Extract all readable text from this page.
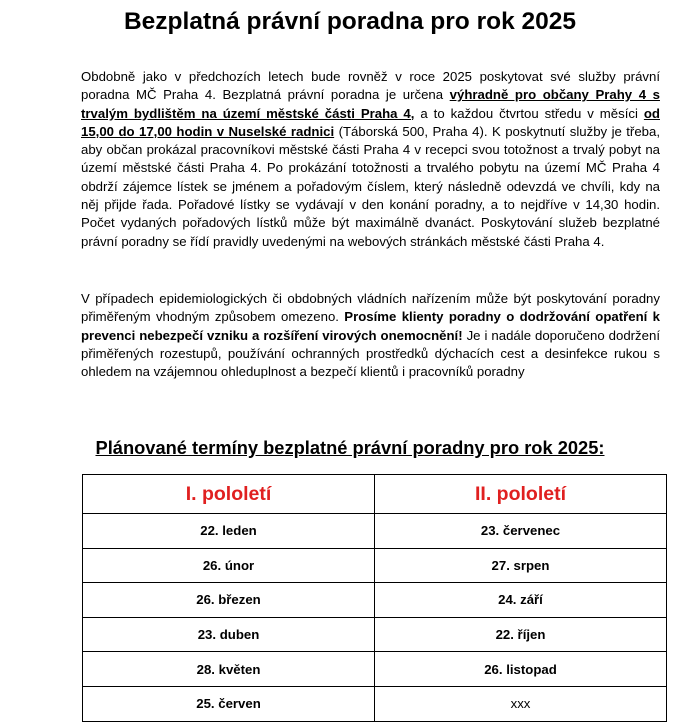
Bezplatná právní poradna pro rok 2025

Obdobně jako v předchozích letech bude rovněž v roce 2025 poskytovat své služby právní poradna MČ Praha 4. Bezplatná právní poradna je určena výhradně pro občany Prahy 4 s trvalým bydlištěm na území městské části Praha 4, a to každou čtvrtou středu v měsíci od 15,00 do 17,00 hodin v Nuselské radnici (Táborská 500, Praha 4). K poskytnutí služby je třeba, aby občan prokázal pracovníkovi městské části Praha 4 v recepci svou totožnost a trvalý pobyt na území městské části Praha 4. Po prokázání totožnosti a trvalého pobytu na území MČ Praha 4 obdrží zájemce lístek se jménem a pořadovým číslem, který následně odevzdá ve chvíli, kdy na něj přijde řada. Pořadové lístky se vydávají v den konání poradny, a to nejdříve v 14,30 hodin. Počet vydaných pořadových lístků může být maximálně dvanáct. Poskytování služeb bezplatné právní poradny se řídí pravidly uvedenými na webových stránkách městské části Praha 4.

V případech epidemiologických či obdobných vládních nařízením může být poskytování poradny přiměřeným vhodným způsobem omezeno. Prosíme klienty poradny o dodržování opatření k prevenci nebezpečí vzniku a rozšíření virových onemocnění! Je i nadále doporučeno dodržení přiměřených rozestupů, používání ochranných prostředků dýchacích cest a desinfekce rukou s ohledem na vzájemnou ohleduplnost a bezpečí klientů i pracovníků poradny

Plánované termíny bezplatné právní poradny pro rok 2025:
I. pololetí	II. pololetí
22. leden	23. červenec
26. únor	27. srpen
26. březen	24. září
23. duben	22. říjen
28. květen	26. listopad
25. červen	xxx
